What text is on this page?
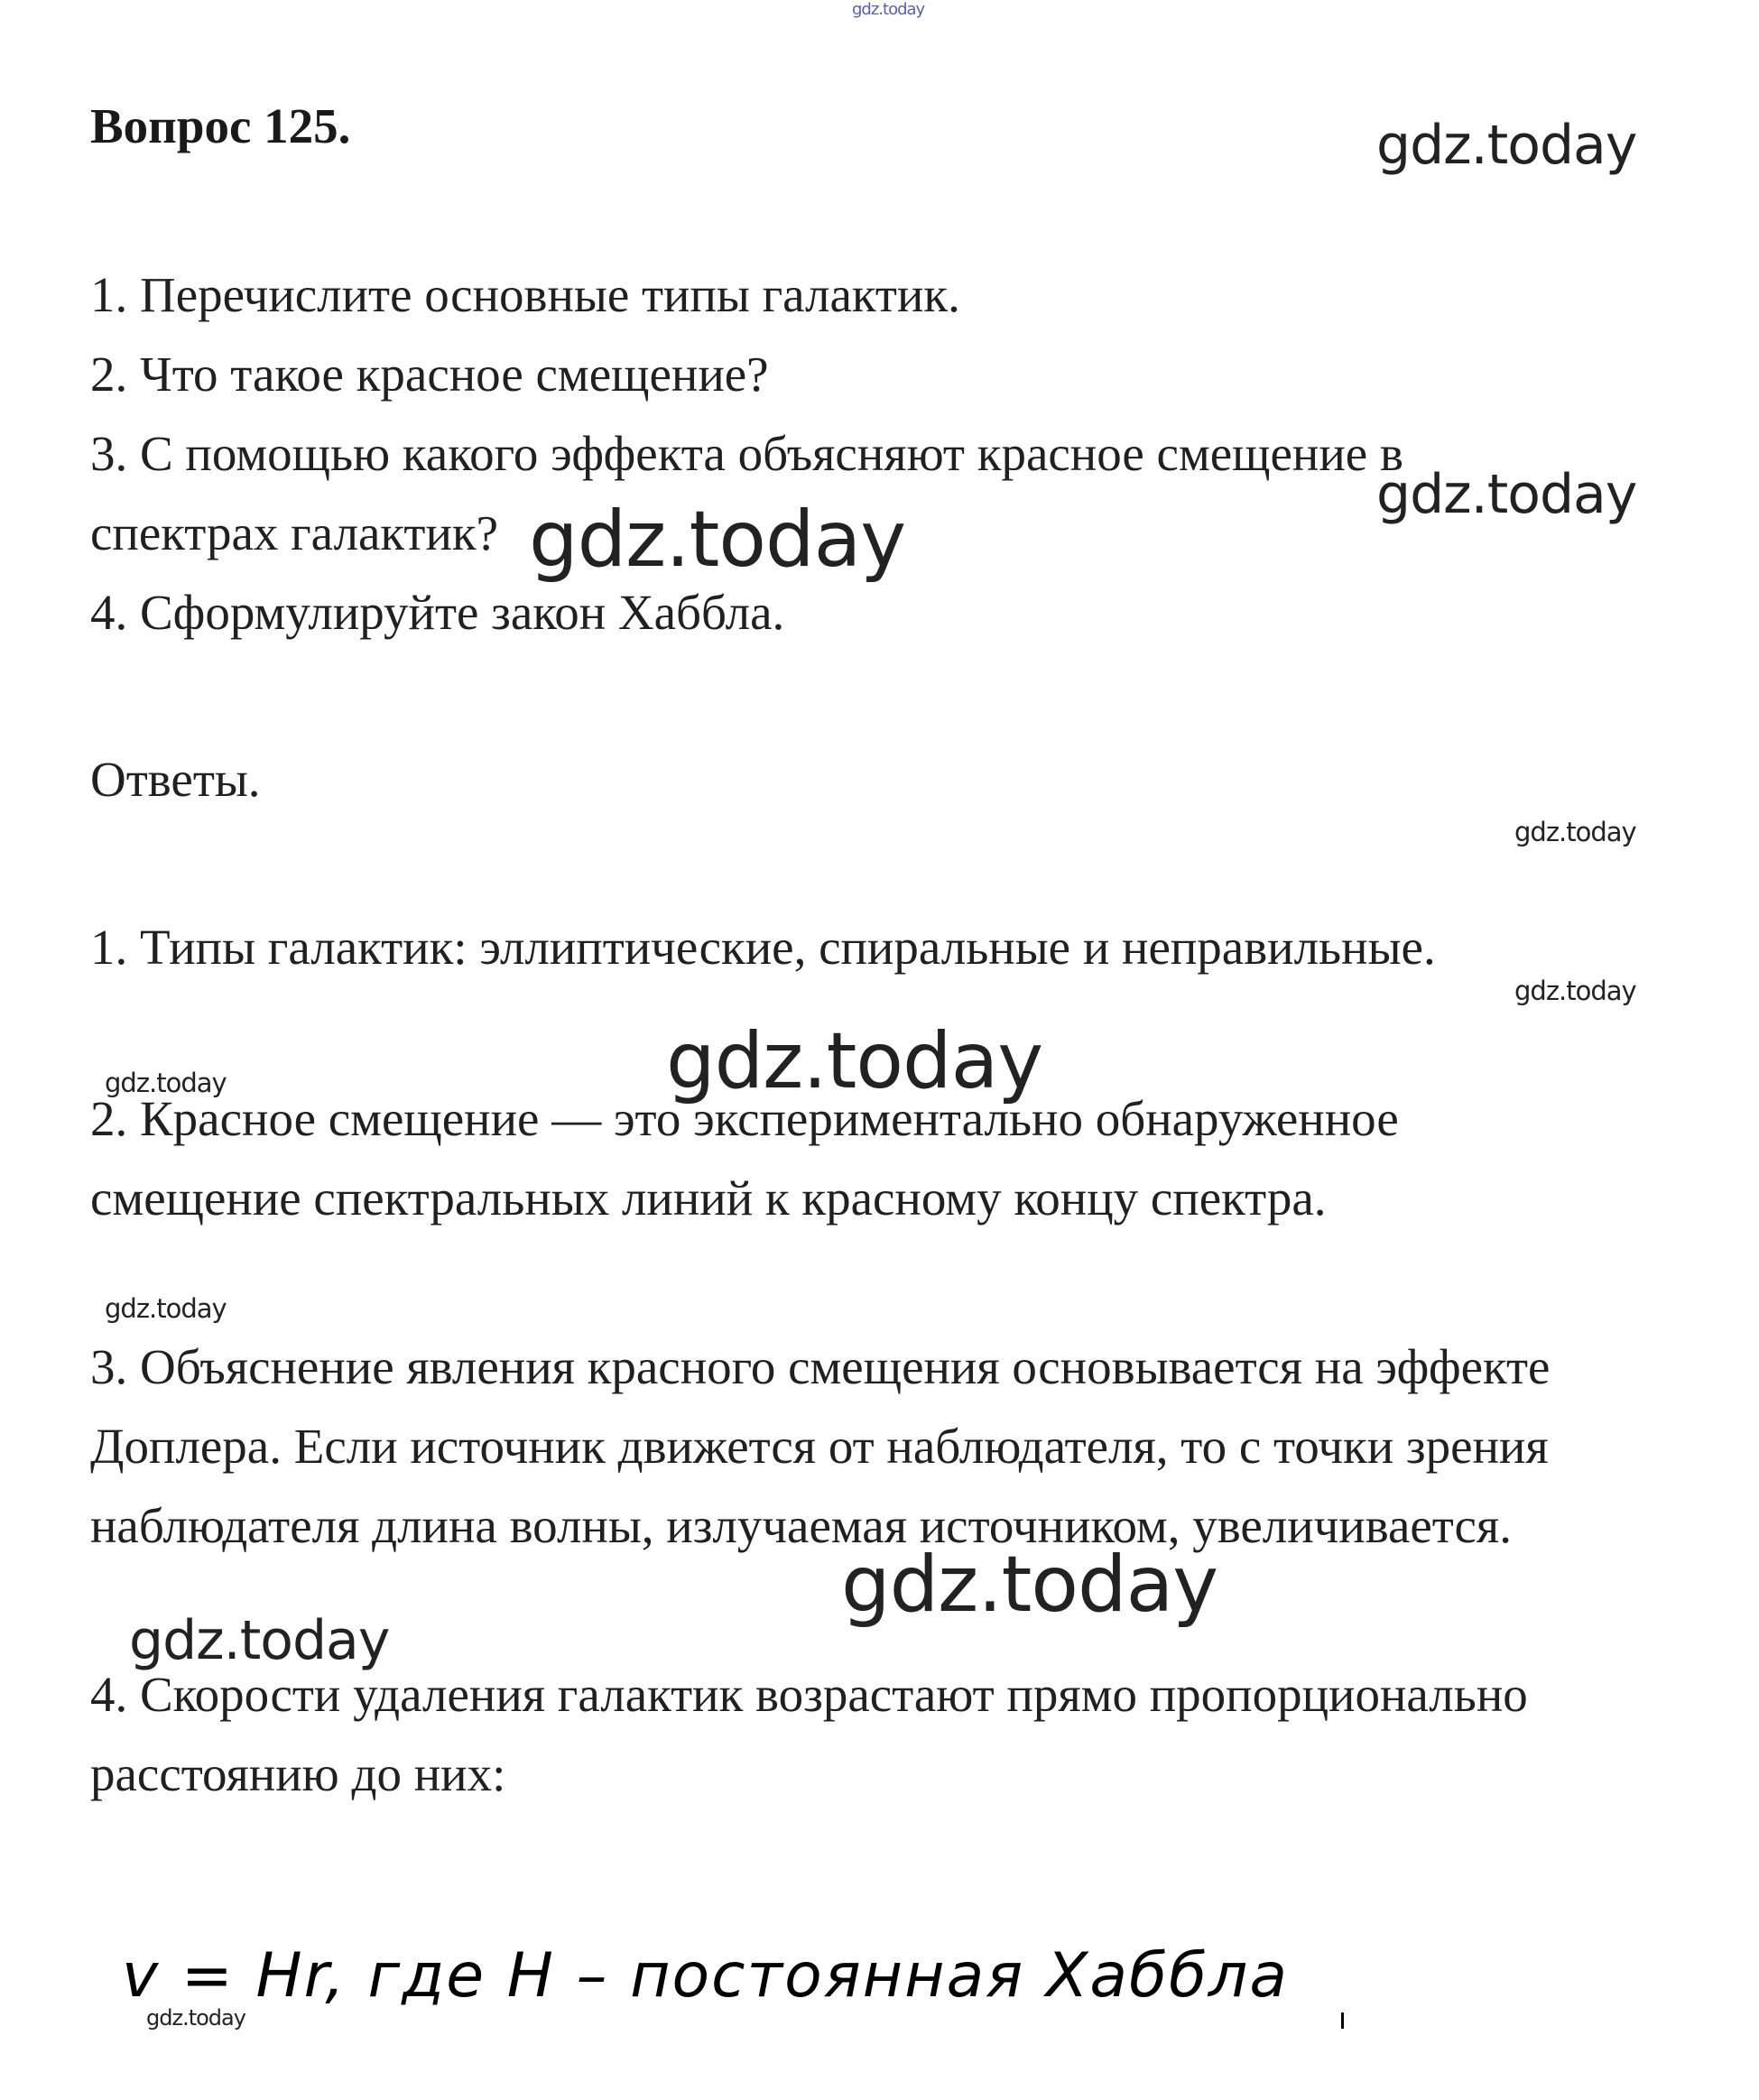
gdz.today
Вопрос 125.

1. Перечислите основные типы галактик.

2. Что такое красное смещение?

3. С помощью какого эффекта объясняют красное смещение в

спектрах галактик?

4. Сформулируйте закон Хаббла.

Ответы.

1. Типы галактик: эллиптические, спиральные и неправильные.

2. Красное смещение — это экспериментально обнаруженное

смещение спектральных линий к красному концу спектра.

3. Объяснение явления красного смещения основывается на эффекте

Доплера. Если источник движется от наблюдателя, то с точки зрения

наблюдателя длина волны, излучаемая источником, увеличивается.

4. Скорости удаления галактик возрастают прямо пропорционально

расстоянию до них:

v = Hr, где H – постоянная Хаббла
gdz.today
gdz.today
gdz.today
gdz.today
gdz.today
gdz.today
gdz.today
gdz.today
gdz.today
gdz.today
gdz.today
